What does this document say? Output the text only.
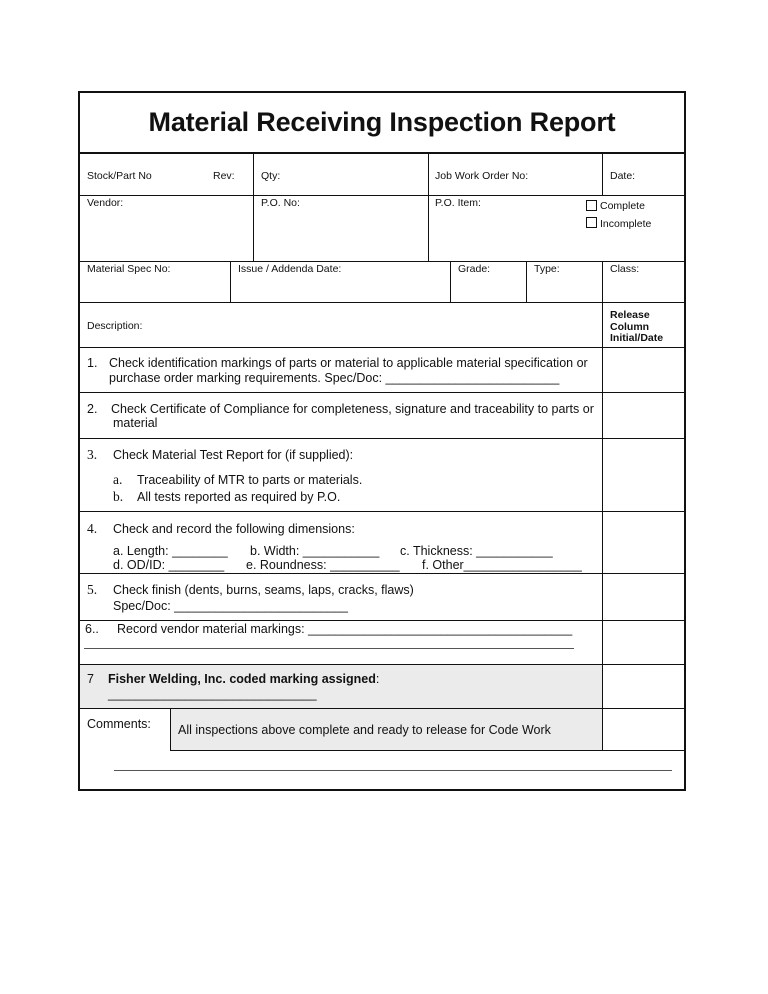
Material Receiving Inspection Report
Stock/Part No	Rev:	Qty:	Job Work Order No:	Date:
Vendor:	P.O. No:	P.O. Item:	Complete
Incomplete
Material Spec No:	Issue / Addenda Date:	Grade:	Type:	Class:
Description:
Release
Column
Initial/Date
1. Check identification markings of parts or material to applicable material specification or
purchase order marking requirements. Spec/Doc: _________________________
2. Check Certificate of Compliance for completeness, signature and traceability to parts or
material
3. Check Material Test Report for (if supplied):
a. Traceability of MTR to parts or materials.
b. All tests reported as required by P.O.
4. Check and record the following dimensions:
a. Length: ________ b. Width: ___________ c. Thickness: ___________
d. OD/ID: ________ e. Roundness: __________ f. Other_________________
5. Check finish (dents, burns, seams, laps, cracks, flaws)
Spec/Doc: _________________________
6.. Record vendor material markings: ______________________________________
7 Fisher Welding, Inc. coded marking assigned:
______________________________
Comments: All inspections above complete and ready to release for Code Work
